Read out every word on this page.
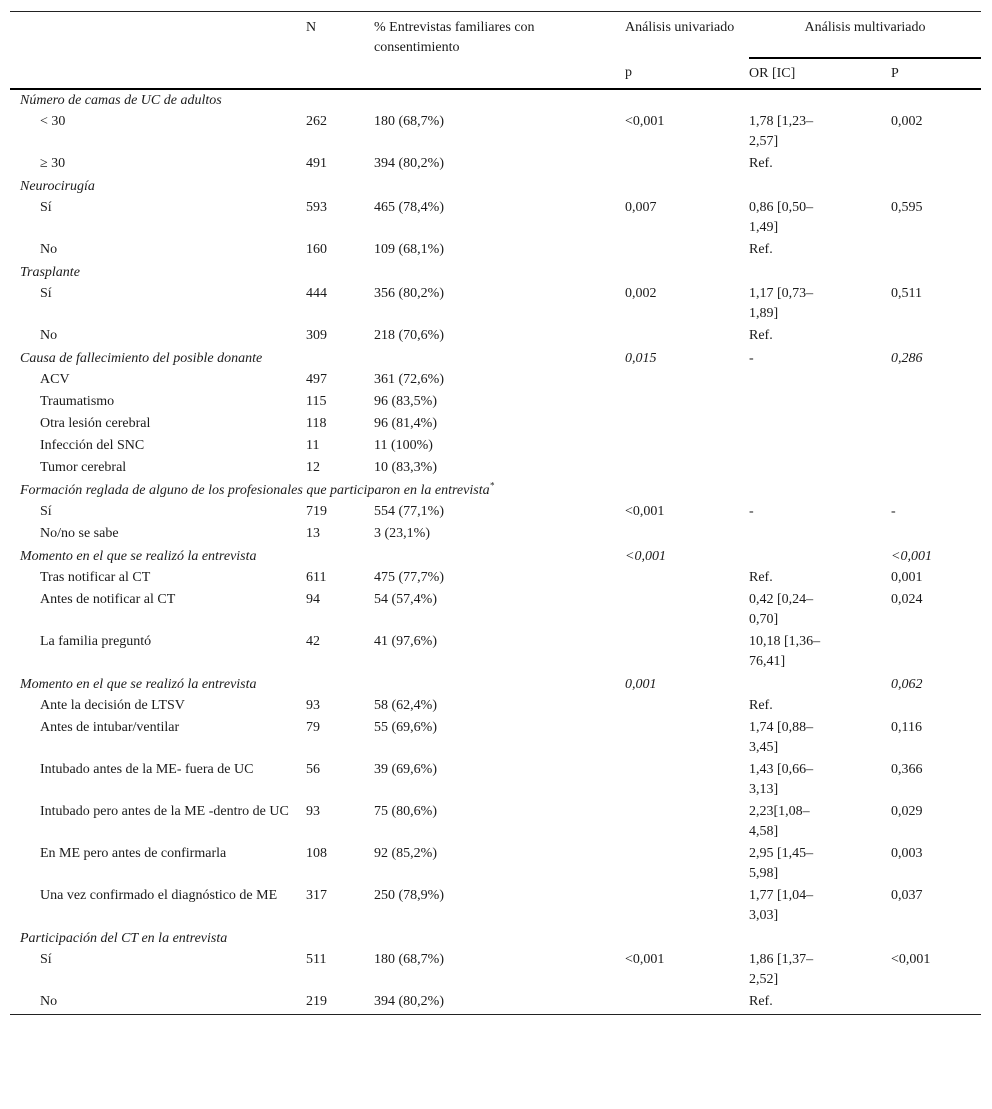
	N	% Entrevistas familiares con consentimiento	Análisis univariado	Análisis multivariado	
			p	OR [IC]	P
Número de camas de UC de adultos					
< 30	262	180 (68,7%)	<0,001	1,78 [1,23–2,57]	0,002
≥ 30	491	394 (80,2%)		Ref.	
Neurocirugía					
Sí	593	465 (78,4%)	0,007	0,86 [0,50–1,49]	0,595
No	160	109 (68,1%)		Ref.	
Trasplante					
Sí	444	356 (80,2%)	0,002	1,17 [0,73–1,89]	0,511
No	309	218 (70,6%)		Ref.	
Causa de fallecimiento del posible donante			0,015	-	0,286
ACV	497	361 (72,6%)			
Traumatismo	115	96 (83,5%)			
Otra lesión cerebral	118	96 (81,4%)			
Infección del SNC	11	11 (100%)			
Tumor cerebral	12	10 (83,3%)			
Formación reglada de alguno de los profesionales que participaron en la entrevista*
Sí	719	554 (77,1%)	<0,001	-	-
No/no se sabe	13	3 (23,1%)			
Momento en el que se realizó la entrevista			<0,001		<0,001
Tras notificar al CT	611	475 (77,7%)		Ref.	0,001
Antes de notificar al CT	94	54 (57,4%)		0,42 [0,24–0,70]	0,024
La familia preguntó	42	41 (97,6%)		10,18 [1,36–76,41]	
Momento en el que se realizó la entrevista			0,001		0,062
Ante la decisión de LTSV	93	58 (62,4%)		Ref.	
Antes de intubar/ventilar	79	55 (69,6%)		1,74 [0,88–3,45]	0,116
Intubado antes de la ME- fuera de UC	56	39 (69,6%)		1,43 [0,66–3,13]	0,366
Intubado pero antes de la ME -dentro de UC	93	75 (80,6%)		2,23[1,08–4,58]	0,029
En ME pero antes de confirmarla	108	92 (85,2%)		2,95 [1,45–5,98]	0,003
Una vez confirmado el diagnóstico de ME	317	250 (78,9%)		1,77 [1,04–3,03]	0,037
Participación del CT en la entrevista					
Sí	511	180 (68,7%)	<0,001	1,86 [1,37–2,52]	<0,001
No	219	394 (80,2%)		Ref.	
